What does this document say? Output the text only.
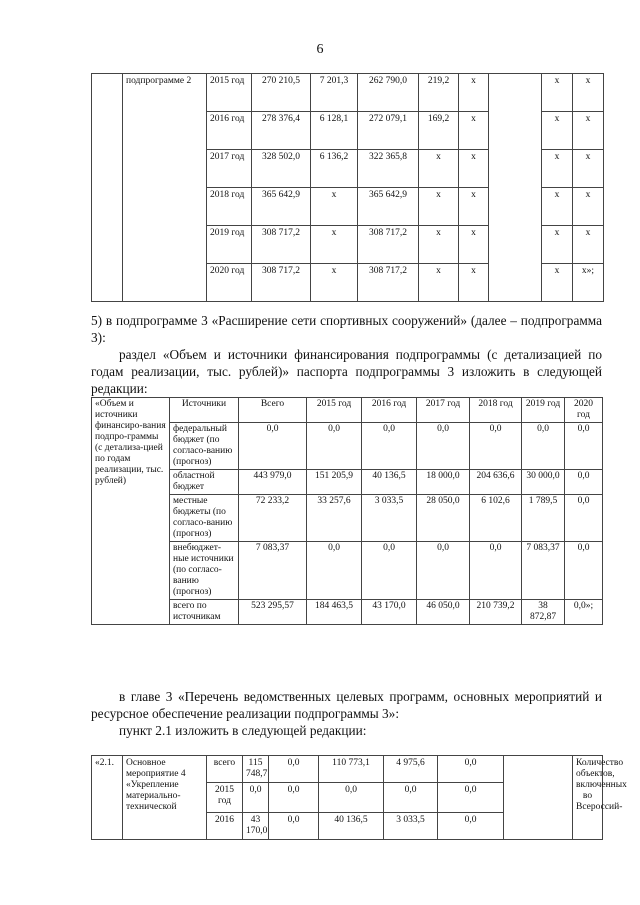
6
	подпрограмме 2	2015 год	270 210,5	7 201,3	262 790,0	219,2	x		x	x
		2016 год	278 376,4	6 128,1	272 079,1	169,2	x		x	x
		2017 год	328 502,0	6 136,2	322 365,8	x	x		x	x
		2018 год	365 642,9	x	365 642,9	x	x		x	x
		2019 год	308 717,2	x	308 717,2	x	x		x	x
		2020 год	308 717,2	x	308 717,2	x	x		x	x»;
5) в подпрограмме 3 «Расширение сети спортивных сооружений» (далее – подпрограмма 3):
раздел «Объем и источники финансирования подпрограммы (с детализацией по годам реализации, тыс. рублей)» паспорта подпрограммы 3 изложить в следующей редакции:
«Объем и источники финансиро-вания подпро-граммы (с детализа-цией по годам реализации, тыс. рублей)	Источники	Всего	2015 год	2016 год	2017 год	2018 год	2019 год	2020 год
	федеральный бюджет (по согласо-ванию (прогноз)	0,0	0,0	0,0	0,0	0,0	0,0	0,0
	областной бюджет	443 979,0	151 205,9	40 136,5	18 000,0	204 636,6	30 000,0	0,0
	местные бюджеты (по согласо-ванию (прогноз)	72 233,2	33 257,6	3 033,5	28 050,0	6 102,6	1 789,5	0,0
	внебюджет-ные источники (по согласо-ванию (прогноз)	7 083,37	0,0	0,0	0,0	0,0	7 083,37	0,0
	всего по источникам	523 295,57	184 463,5	43 170,0	46 050,0	210 739,2	38 872,87	0,0»;
в главе 3 «Перечень ведомственных целевых программ, основных мероприятий и ресурсное обеспечение реализации подпрограммы 3»:
пункт 2.1 изложить в следующей редакции:
«2.1.	Основное мероприятие 4 «Укрепление материально-технической	всего	115 748,7	0,0	110 773,1	4 975,6	0,0		Количество объектов, включенных во Всероссий-	
		2015 год	0,0	0,0	0,0	0,0	0,0	
		2016	43 170,0	0,0	40 136,5	3 033,5	0,0	
